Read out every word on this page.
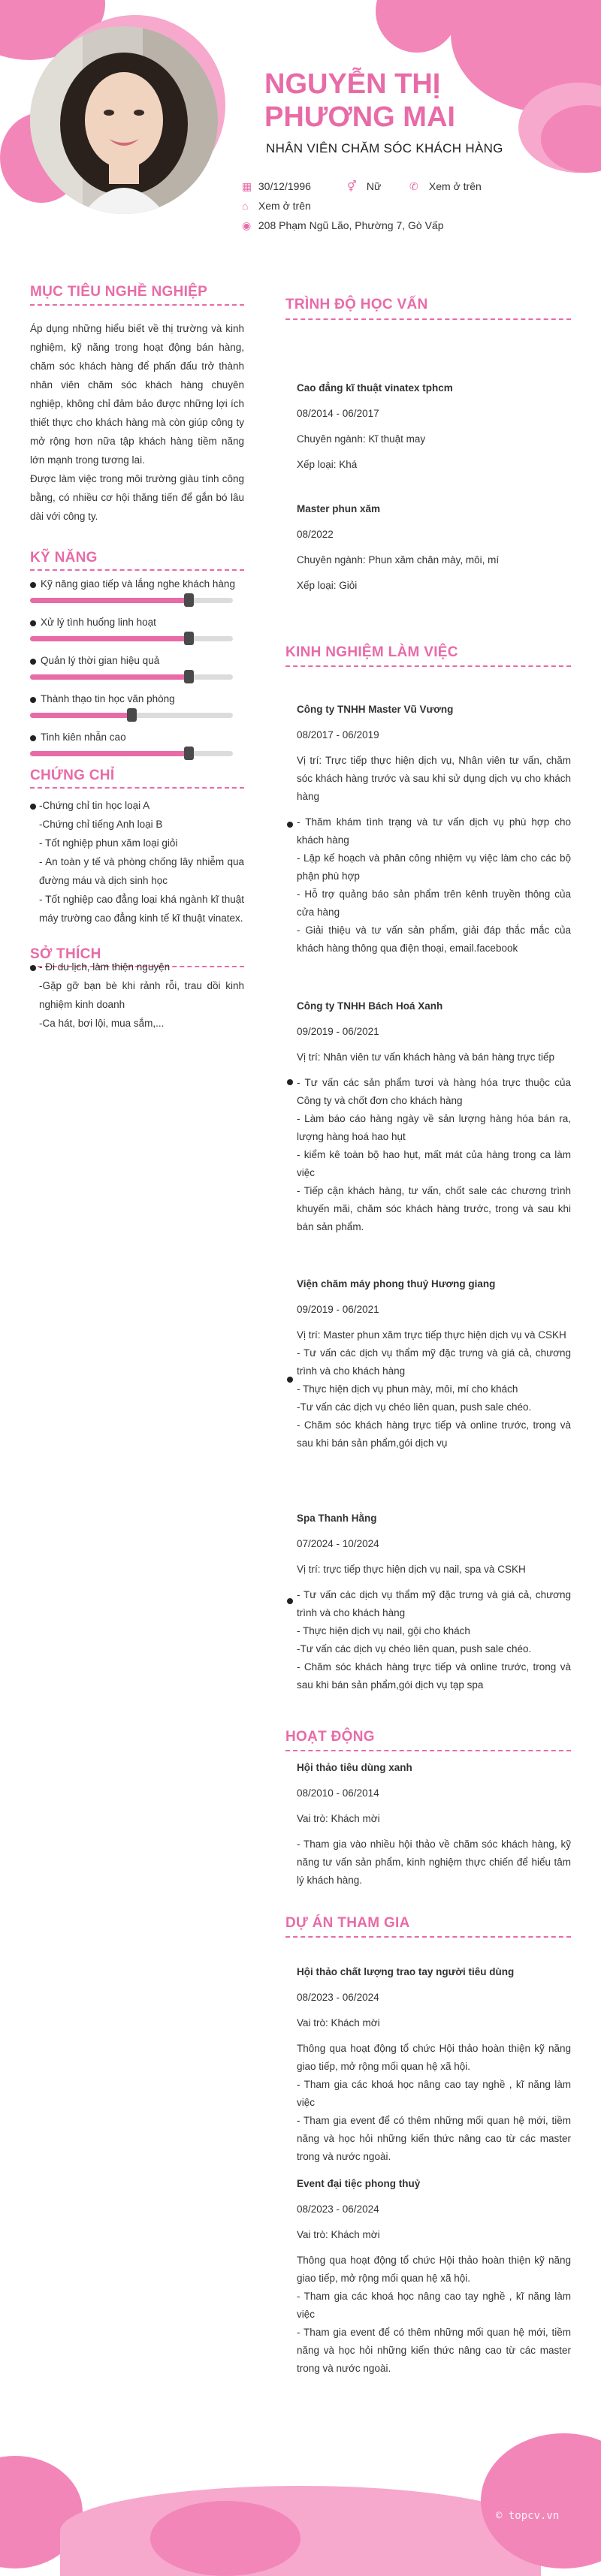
NGUYỄN THỊ PHƯƠNG MAI
NHÂN VIÊN CHĂM SÓC KHÁCH HÀNG
▦ 30/12/1996	⚥ Nữ	✆ Xem ở trên
⌂ Xem ở trên
◉ 208 Phạm Ngũ Lão, Phường 7, Gò Vấp
MỤC TIÊU NGHỀ NGHIỆP
Áp dụng những hiểu biết về thị trường và kinh nghiệm, kỹ năng trong hoạt động bán hàng, chăm sóc khách hàng để phấn đấu trở thành nhân viên chăm sóc khách hàng chuyên nghiệp, không chỉ đảm bảo được những lợi ích thiết thực cho khách hàng mà còn giúp công ty mở rộng hơn nữa tập khách hàng tiềm năng lớn mạnh trong tương lai.
Được làm việc trong môi trường giàu tính công bằng, có nhiều cơ hội thăng tiến để gắn bó lâu dài với công ty.
KỸ NĂNG
Kỹ năng giao tiếp và lắng nghe khách hàng
Xử lý tình huống linh hoạt
Quản lý thời gian hiệu quả
Thành thạo tin học văn phòng
Tinh kiên nhẫn cao
CHỨNG CHỈ
-Chứng chỉ tin học loại A
-Chứng chỉ tiếng Anh loại B
- Tốt nghiệp phun xăm loại giỏi
- An toàn y tế và phòng chống lây nhiễm qua đường máu và dịch sinh học
- Tốt nghiệp cao đẳng loại khá ngành kĩ thuật máy trường cao đẳng kinh tế kĩ thuật vinatex.
SỞ THÍCH
- Đi du lịch, làm thiện nguyện
-Gặp gỡ bạn bè khi rảnh rỗi, trau dồi kinh nghiệm kinh doanh
-Ca hát, bơi lội, mua sắm,...
TRÌNH ĐỘ HỌC VẤN

Cao đẳng kĩ thuật vinatex tphcm

08/2014 - 06/2017

Chuyên ngành: Kĩ thuật may

Xếp loại: Khá

Master phun xăm

08/2022

Chuyên ngành: Phun xăm chân mày, môi, mí

Xếp loại: Giỏi

KINH NGHIỆM LÀM VIỆC

Công ty TNHH Master Vũ Vương

08/2017 - 06/2019

Vị trí: Trực tiếp thực hiện dịch vụ, Nhân viên tư vấn, chăm sóc khách hàng trước và sau khi sử dụng dịch vụ cho khách hàng

- Thăm khám tình trạng và tư vấn dịch vụ phù hợp cho khách hàng

- Lập kế hoạch và phân công nhiệm vụ việc làm cho các bộ phận phù hợp

- Hỗ trợ quảng báo sản phẩm trên kênh truyền thông của cửa hàng

- Giải thiệu và tư vấn sản phẩm, giải đáp thắc mắc của khách hàng thông qua điện thoại, email.facebook

Công ty TNHH Bách Hoá Xanh

09/2019 - 06/2021

Vị trí: Nhân viên tư vấn khách hàng và bán hàng trực tiếp

- Tư vấn các sản phẩm tươi và hàng hóa trực thuộc của Công ty và chốt đơn cho khách hàng

- Làm báo cáo hàng ngày về sản lượng hàng hóa bán ra, lượng hàng hoá hao hụt

- kiểm kê toàn bộ hao hụt, mất mát của hàng trong ca làm việc

- Tiếp cận khách hàng, tư vấn, chốt sale các chương trình khuyến mãi, chăm sóc khách hàng trước, trong và sau khi bán sản phẩm.

Viện chăm máy phong thuỷ Hương giang

09/2019 - 06/2021

Vị trí: Master phun xăm trực tiếp thực hiện dịch vụ và CSKH

- Tư vấn các dịch vụ thẩm mỹ đặc trưng và giá cả, chương trình và cho khách hàng

- Thực hiện dịch vụ phun mày, môi, mí cho khách

-Tư vấn các dịch vụ chéo liên quan, push sale chéo.

- Chăm sóc khách hàng trực tiếp và online trước, trong và sau khi bán sản phẩm,gói dịch vụ

Spa Thanh Hằng

07/2024 - 10/2024

Vị trí: trực tiếp thực hiện dịch vụ nail, spa và CSKH

- Tư vấn các dịch vụ thẩm mỹ đặc trưng và giá cả, chương trình và cho khách hàng

- Thực hiện dịch vụ nail, gội cho khách

-Tư vấn các dịch vụ chéo liên quan, push sale chéo.

- Chăm sóc khách hàng trực tiếp và online trước, trong và sau khi bán sản phẩm,gói dịch vụ tạp spa

HOẠT ĐỘNG

Hội thảo tiêu dùng xanh

08/2010 - 06/2014

Vai trò: Khách mời

- Tham gia vào nhiều hội thảo về chăm sóc khách hàng, kỹ năng tư vấn sản phẩm, kinh nghiệm thực chiến để hiểu tâm lý khách hàng.

DỰ ÁN THAM GIA

Hội thảo chất lượng trao tay người tiêu dùng

08/2023 - 06/2024

Vai trò: Khách mời

Thông qua hoạt động tổ chức Hội thảo hoàn thiện kỹ năng giao tiếp, mở rộng mối quan hệ xã hội.

- Tham gia các khoá học nâng cao tay nghề , kĩ năng làm việc

- Tham gia event để có thêm những mối quan hệ mới, tiềm năng và học hỏi những kiến thức nâng cao từ các master trong và nước ngoài.

Event đại tiệc phong thuỷ

08/2023 - 06/2024

Vai trò: Khách mời

Thông qua hoạt động tổ chức Hội thảo hoàn thiện kỹ năng giao tiếp, mở rộng mối quan hệ xã hội.

- Tham gia các khoá học nâng cao tay nghề , kĩ năng làm việc

- Tham gia event để có thêm những mối quan hệ mới, tiềm năng và học hỏi những kiến thức nâng cao từ các master trong và nước ngoài.

© topcv.vn
